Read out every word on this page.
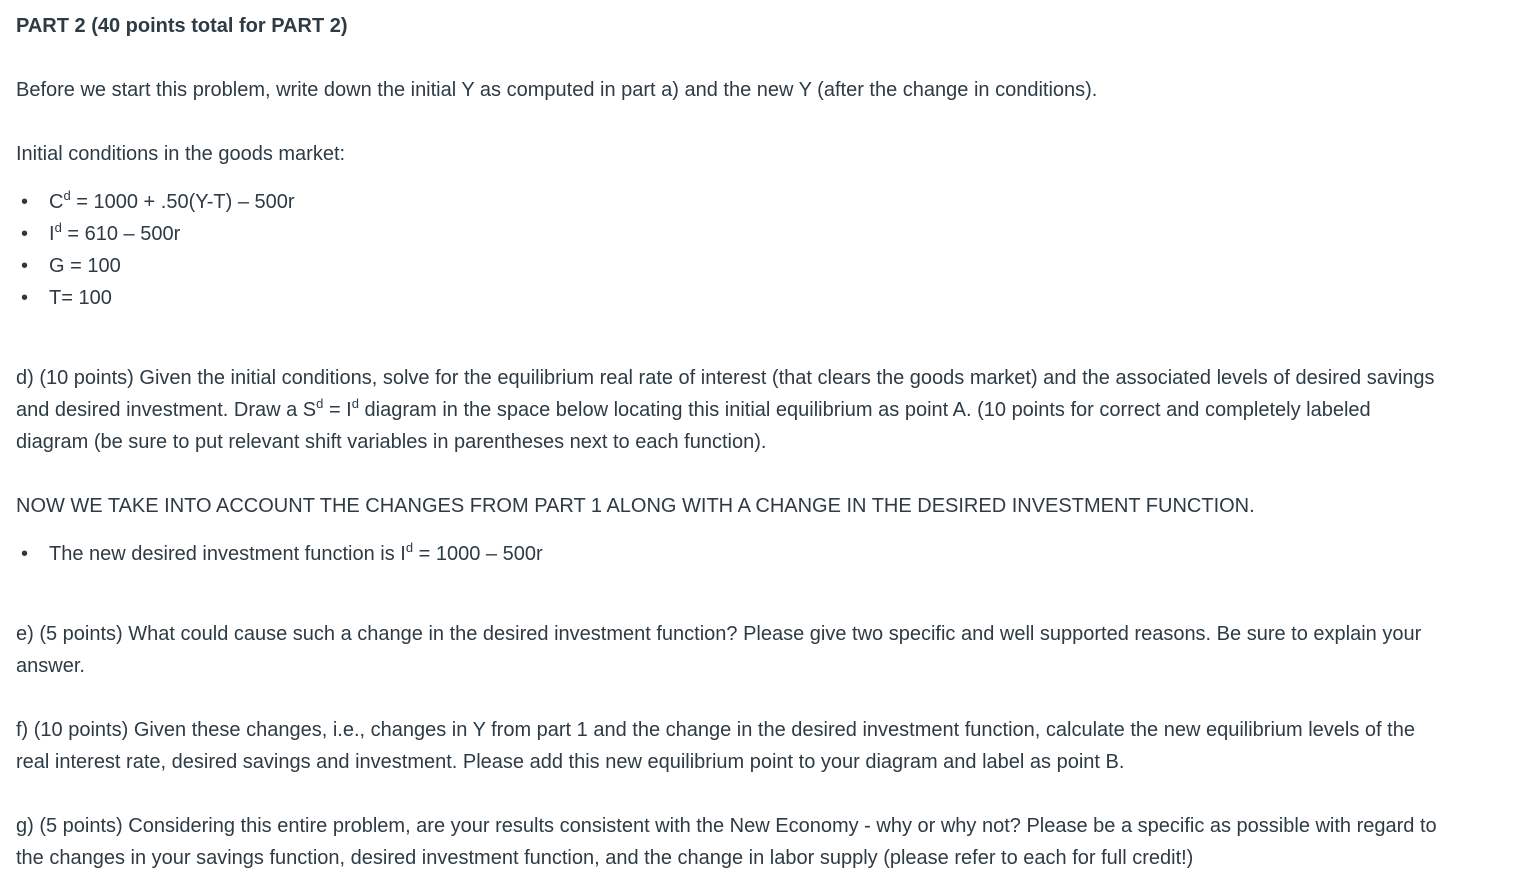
PART 2 (40 points total for PART 2)
Before we start this problem, write down the initial Y as computed in part a) and the new Y (after the change in conditions).
Initial conditions in the goods market:
• $C^d = 1000 + .50(Y-T) - 500r$
• $I^d = 610 - 500r$
• G = 100
• T= 100
d) (10 points) Given the initial conditions, solve for the equilibrium real rate of interest (that clears the goods market) and the associated levels of desired savings
and desired investment. Draw a $S^d = I^d$ diagram in the space below locating this initial equilibrium as point A. (10 points for correct and completely labeled
diagram (be sure to put relevant shift variables in parentheses next to each function).
NOW WE TAKE INTO ACCOUNT THE CHANGES FROM PART 1 ALONG WITH A CHANGE IN THE DESIRED INVESTMENT FUNCTION.
• The new desired investment function is $I^d = 1000 - 500r$
e) (5 points) What could cause such a change in the desired investment function? Please give two specific and well supported reasons. Be sure to explain your
answer.
f) (10 points) Given these changes, i.e., changes in Y from part 1 and the change in the desired investment function, calculate the new equilibrium levels of the
real interest rate, desired savings and investment. Please add this new equilibrium point to your diagram and label as point B.
g) (5 points) Considering this entire problem, are your results consistent with the New Economy - why or why not? Please be a specific as possible with regard to
the changes in your savings function, desired investment function, and the change in labor supply (please refer to each for full credit!)
